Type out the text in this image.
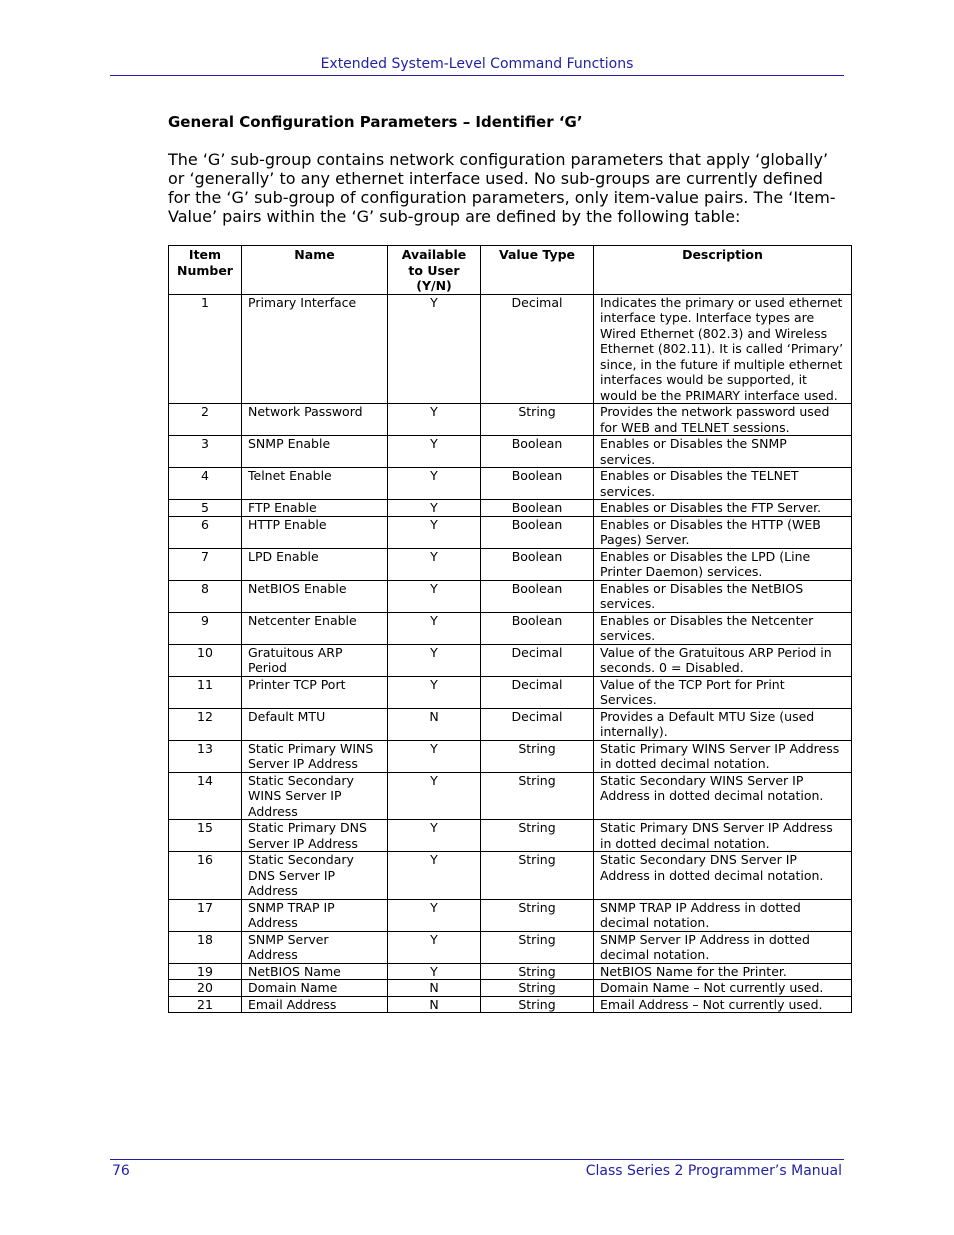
Extended System-Level Command Functions
General Configuration Parameters – Identifier ‘G’

The ‘G’ sub-group contains network configuration parameters that apply ‘globally’ or ‘generally’ to any ethernet interface used. No sub-groups are currently defined for the ‘G’ sub-group of configuration parameters, only item-value pairs. The ‘Item-Value’ pairs within the ‘G’ sub-group are defined by the following table:

Item Number	Name	Available to User (Y/N)	Value Type	Description
1	Primary Interface	Y	Decimal	Indicates the primary or used ethernet interface type. Interface types are Wired Ethernet (802.3) and Wireless Ethernet (802.11). It is called ‘Primary’ since, in the future if multiple ethernet interfaces would be supported, it would be the PRIMARY interface used.
2	Network Password	Y	String	Provides the network password used for WEB and TELNET sessions.
3	SNMP Enable	Y	Boolean	Enables or Disables the SNMP services.
4	Telnet Enable	Y	Boolean	Enables or Disables the TELNET services.
5	FTP Enable	Y	Boolean	Enables or Disables the FTP Server.
6	HTTP Enable	Y	Boolean	Enables or Disables the HTTP (WEB Pages) Server.
7	LPD Enable	Y	Boolean	Enables or Disables the LPD (Line Printer Daemon) services.
8	NetBIOS Enable	Y	Boolean	Enables or Disables the NetBIOS services.
9	Netcenter Enable	Y	Boolean	Enables or Disables the Netcenter services.
10	Gratuitous ARP Period	Y	Decimal	Value of the Gratuitous ARP Period in seconds. 0 = Disabled.
11	Printer TCP Port	Y	Decimal	Value of the TCP Port for Print Services.
12	Default MTU	N	Decimal	Provides a Default MTU Size (used internally).
13	Static Primary WINS Server IP Address	Y	String	Static Primary WINS Server IP Address in dotted decimal notation.
14	Static Secondary WINS Server IP Address	Y	String	Static Secondary WINS Server IP Address in dotted decimal notation.
15	Static Primary DNS Server IP Address	Y	String	Static Primary DNS Server IP Address in dotted decimal notation.
16	Static Secondary DNS Server IP Address	Y	String	Static Secondary DNS Server IP Address in dotted decimal notation.
17	SNMP TRAP IP Address	Y	String	SNMP TRAP IP Address in dotted decimal notation.
18	SNMP Server Address	Y	String	SNMP Server IP Address in dotted decimal notation.
19	NetBIOS Name	Y	String	NetBIOS Name for the Printer.
20	Domain Name	N	String	Domain Name – Not currently used.
21	Email Address	N	String	Email Address – Not currently used.
76	Class Series 2 Programmer’s Manual
